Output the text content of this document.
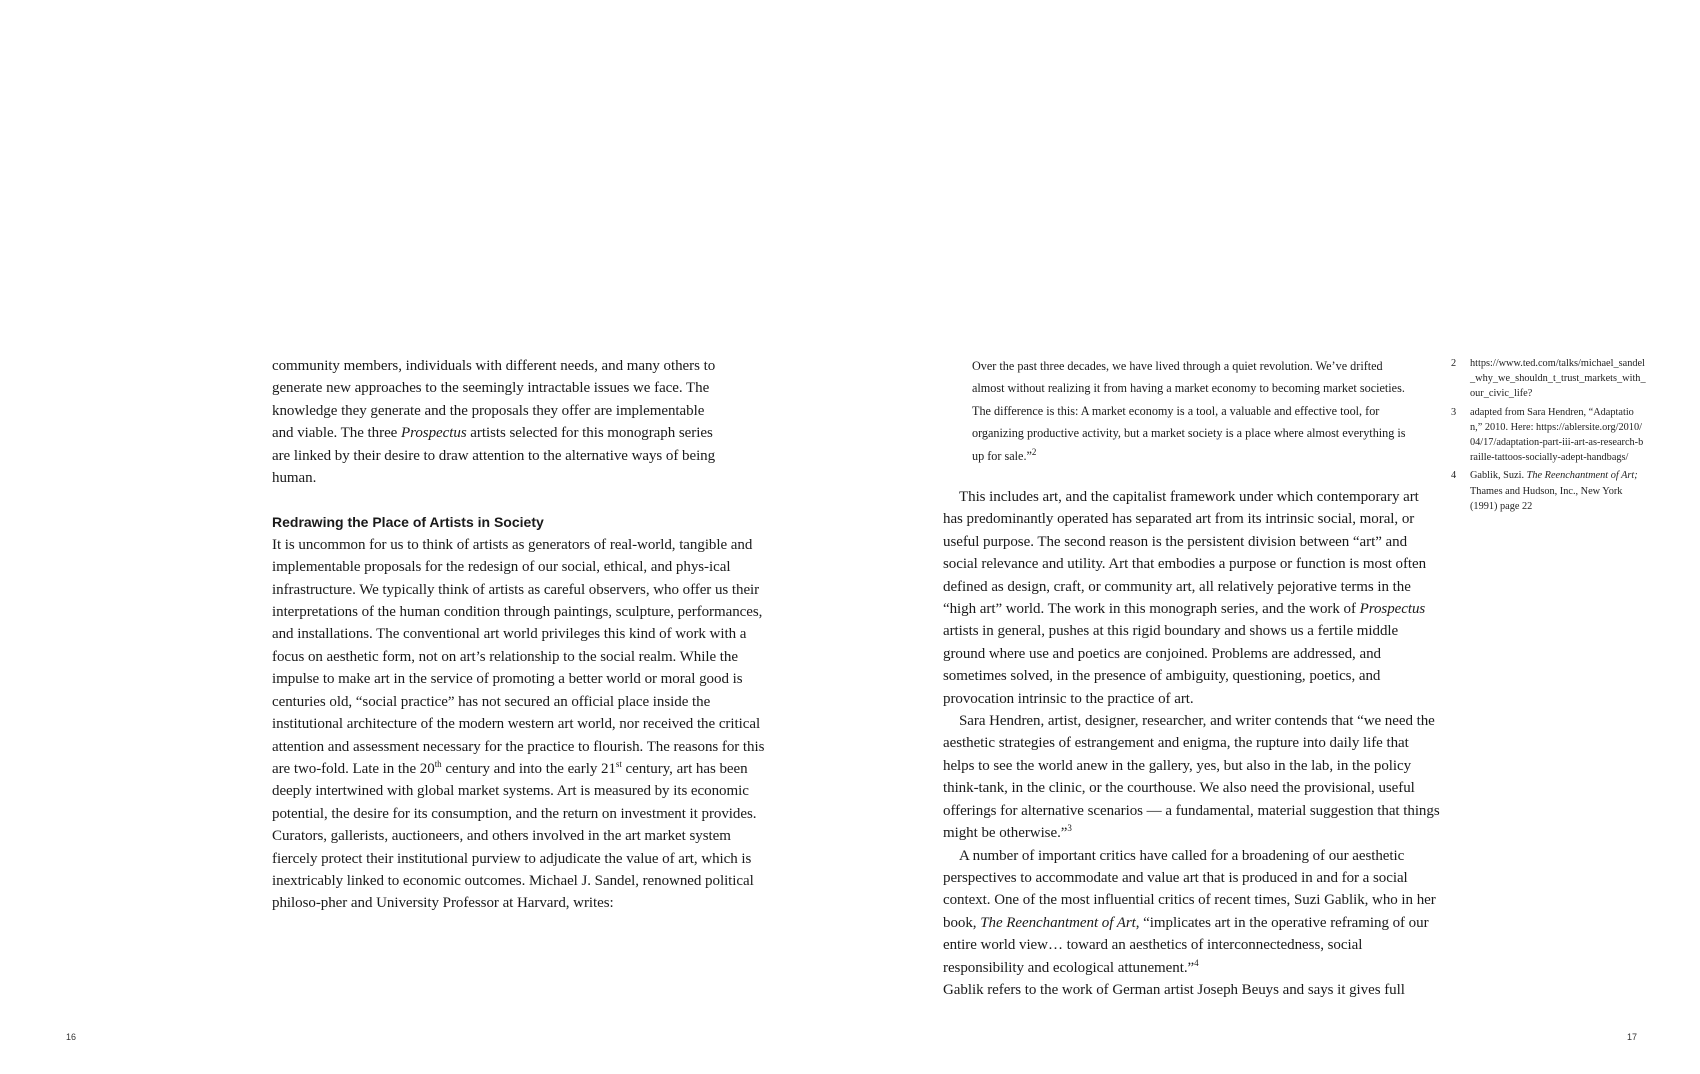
community members, individuals with different needs, and many others to
generate new approaches to the seemingly intractable issues we face. The
knowledge they generate and the proposals they offer are implementable
and viable. The three Prospectus artists selected for this monograph series
are linked by their desire to draw attention to the alternative ways of being
human.
Redrawing the Place of Artists in Society

It is uncommon for us to think of artists as generators of real-world, tangible and implementable proposals for the redesign of our social, ethical, and phys-ical infrastructure. We typically think of artists as careful observers, who offer us their interpretations of the human condition through paintings, sculpture, performances, and installations. The conventional art world privileges this kind of work with a focus on aesthetic form, not on art’s relationship to the social realm. While the impulse to make art in the service of promoting a better world or moral good is centuries old, “social practice” has not secured an official place inside the institutional architecture of the modern western art world, nor received the critical attention and assessment necessary for the practice to flourish. The reasons for this are two-fold. Late in the 20th century and into the early 21st century, art has been deeply intertwined with global market systems. Art is measured by its economic potential, the desire for its consumption, and the return on investment it provides. Curators, gallerists, auctioneers, and others involved in the art market system fiercely protect their institutional purview to adjudicate the value of art, which is inextricably linked to economic outcomes. Michael J. Sandel, renowned political philoso-pher and University Professor at Harvard, writes:

Over the past three decades, we have lived through a quiet revolution. We’ve drifted almost without realizing it from having a market economy to becoming market societies. The difference is this: A market economy is a tool, a valuable and effective tool, for organizing productive activity, but a market society is a place where almost everything is up for sale.”$^2$

This includes art, and the capitalist framework under which contemporary art has predominantly operated has separated art from its intrinsic social, moral, or useful purpose. The second reason is the persistent division between “art” and social relevance and utility. Art that embodies a purpose or function is most often defined as design, craft, or community art, all relatively pejorative terms in the “high art” world. The work in this monograph series, and the work of Prospectus artists in general, pushes at this rigid boundary and shows us a fertile middle ground where use and poetics are conjoined. Problems are addressed, and sometimes solved, in the presence of ambiguity, questioning, poetics, and provocation intrinsic to the practice of art.

Sara Hendren, artist, designer, researcher, and writer contends that “we need the aesthetic strategies of estrangement and enigma, the rupture into daily life that helps to see the world anew in the gallery, yes, but also in the lab, in the policy think-tank, in the clinic, or the courthouse. We also need the provisional, useful offerings for alternative scenarios — a fundamental, material suggestion that things might be otherwise.”$^3$

A number of important critics have called for a broadening of our aesthetic perspectives to accommodate and value art that is produced in and for a social context. One of the most influential critics of recent times, Suzi Gablik, who in her book, The Reenchantment of Art, “implicates art in the operative reframing of our entire world view… toward an aesthetics of interconnectedness, social responsibility and ecological attunement.”$^4$
Gablik refers to the work of German artist Joseph Beuys and says it gives full

2	https://www.ted.com/talks/michael_sandel_why_we_shouldn_t_trust_markets_with_our_civic_life?
3	adapted from Sara Hendren, “Adaptation,” 2010. Here: https://ablersite.org/2010/04/17/adaptation-part-iii-art-as-research-braille-tattoos-socially-adept-handbags/
4	Gablik, Suzi. The Reenchantment of Art; Thames and Hudson, Inc., New York (1991) page 22
16	17
